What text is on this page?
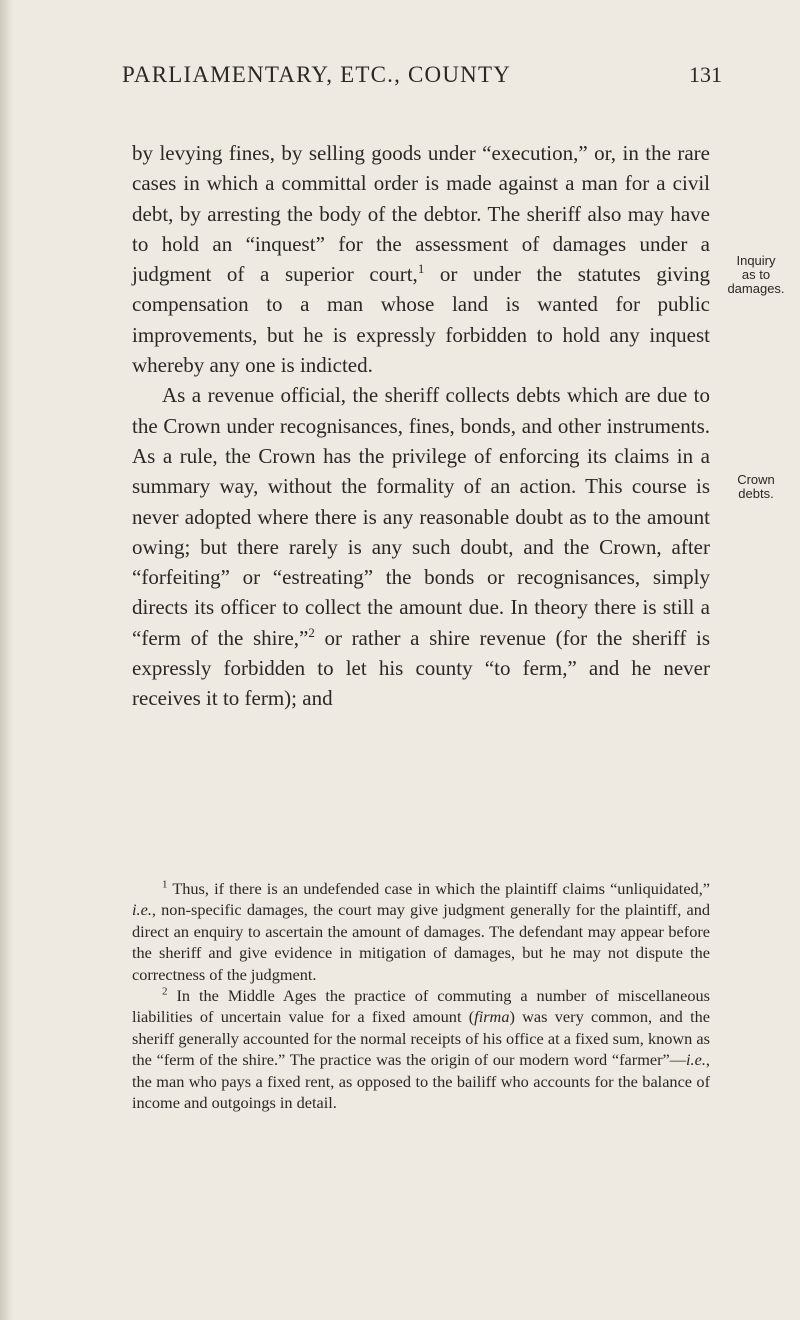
PARLIAMENTARY, ETC., COUNTY	131

by levying fines, by selling goods under “execution,” or, in the rare cases in which a committal order is made against a man for a civil debt, by arresting the body of the debtor. The sheriff also may have to hold an “inquest” for the assessment of damages under a judgment of a superior court,$^1$ or under the statutes giving compensation to a man whose land is wanted for public improvements, but he is expressly forbidden to hold any inquest whereby any one is indicted.

As a revenue official, the sheriff collects debts which are due to the Crown under recognisances, fines, bonds, and other instruments. As a rule, the Crown has the privilege of enforcing its claims in a summary way, without the formality of an action. This course is never adopted where there is any reasonable doubt as to the amount owing; but there rarely is any such doubt, and the Crown, after “forfeiting” or “estreating” the bonds or recognisances, simply directs its officer to collect the amount due. In theory there is still a “ferm of the shire,”$^2$ or rather a shire revenue (for the sheriff is expressly forbidden to let his county “to ferm,” and he never receives it to ferm); and

Inquiry
as to
damages.
Crown
debts.

$^1$ Thus, if there is an undefended case in which the plaintiff claims “unliquidated,” i.e., non-specific damages, the court may give judgment generally for the plaintiff, and direct an enquiry to ascertain the amount of damages. The defendant may appear before the sheriff and give evidence in mitigation of damages, but he may not dispute the correctness of the judgment.

$^2$ In the Middle Ages the practice of commuting a number of miscellaneous liabilities of uncertain value for a fixed amount (firma) was very common, and the sheriff generally accounted for the normal receipts of his office at a fixed sum, known as the “ferm of the shire.” The practice was the origin of our modern word “farmer”—i.e., the man who pays a fixed rent, as opposed to the bailiff who accounts for the balance of income and outgoings in detail.
